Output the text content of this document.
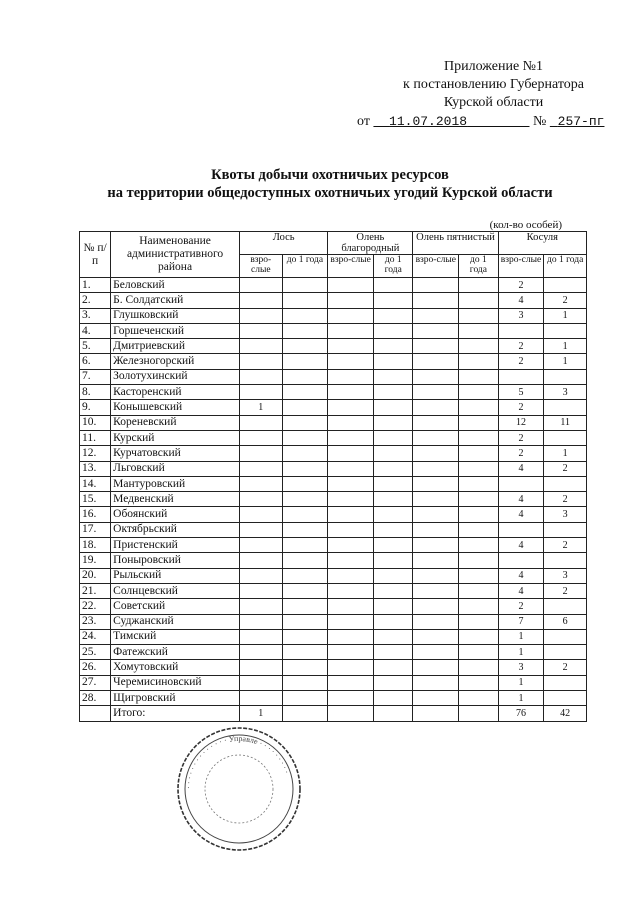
Приложение №1
к постановлению Губернатора
Курской области
от 11.07.2018	№ 257-пг
Квоты добычи охотничьих ресурсов
на территории общедоступных охотничьих угодий Курской области
(кол-во особей)
№ п/п	Наименование административного района	Лось		Олень благородный		Олень пятнистый		Косуля	
		взро-слые	до 1 года	взро-слые	до 1 года	взро-слые	до 1 года	взро-слые	до 1 года
1.	Беловский							2	
2.	Б. Солдатский							4	2
3.	Глушковский							3	1
4.	Горшеченский								
5.	Дмитриевский							2	1
6.	Железногорский							2	1
7.	Золотухинский								
8.	Касторенский							5	3
9.	Конышевский	1						2	
10.	Кореневский							12	11
11.	Курский							2	
12.	Курчатовский							2	1
13.	Льговский							4	2
14.	Мантуровский								
15.	Медвенский							4	2
16.	Обоянский							4	3
17.	Октябрьский								
18.	Пристенский							4	2
19.	Поныровский								
20.	Рыльский							4	3
21.	Солнцевский							4	2
22.	Советский							2	
23.	Суджанский							7	6
24.	Тимский							1	
25.	Фатежский							1	
26.	Хомутовский							3	2
27.	Черемисиновский							1	
28.	Щигровский							1	
	Итого:	1						76	42
· · · · · · · · · · · · · · Управле · · · · · · · · ·
